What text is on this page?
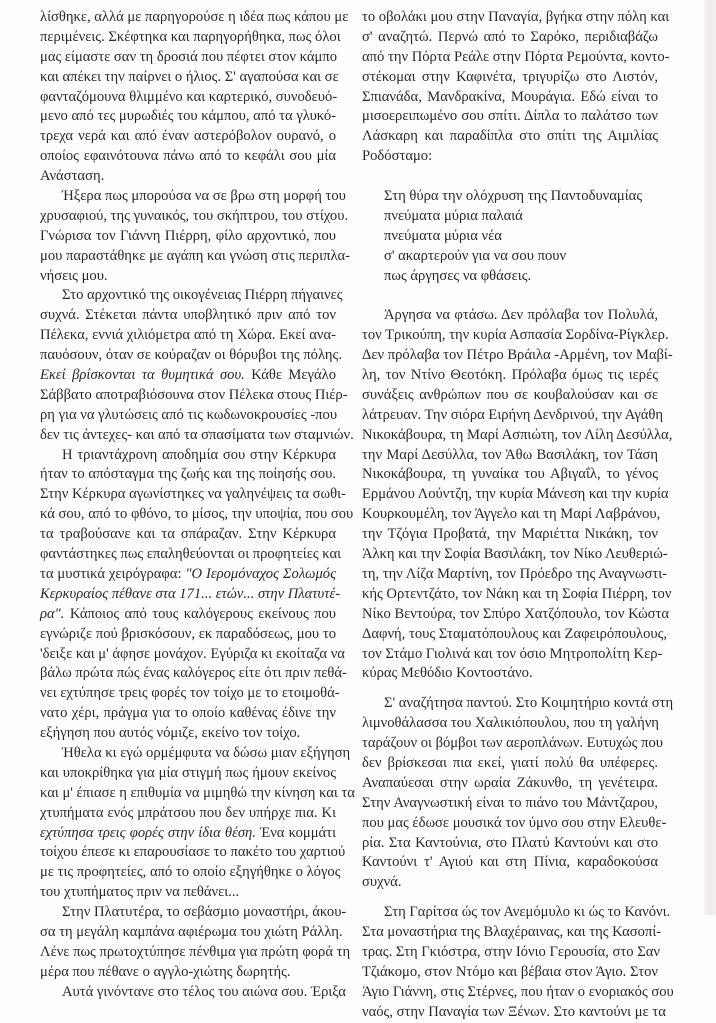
λίσθηκε, αλλά με παρηγορούσε η ιδέα πως κάπου με
περιμένεις. Σκέφτηκα και παρηγορήθηκα, πως όλοι
μας είμαστε σαν τη δροσιά που πέφτει στον κάμπο
και απέκει την παίρνει ο ήλιος. Σ' αγαπούσα και σε
φανταζόμουνα θλιμμένο και καρτερικό, συνοδευό-
μενο από τες μυρωδιές του κάμπου, από τα γλυκό-
τρεχα νερά και από έναν αστερόβολον ουρανό, ο
οποίος εφαινότουνα πάνω από το κεφάλι σου μία
Ανάσταση.
Ήξερα πως μπορούσα να σε βρω στη μορφή του
χρυσαφιού, της γυναικός, του σκήπτρου, του στίχου.
Γνώρισα τον Γιάννη Πιέρρη, φίλο αρχοντικό, που
μου παραστάθηκε με αγάπη και γνώση στις περιπλα-
νήσεις μου.
Στο αρχοντικό της οικογένειας Πιέρρη πήγαινες
συχνά. Στέκεται πάντα υποβλητικό πριν από τον
Πέλεκα, εννιά χιλιόμετρα από τη Χώρα. Εκεί ανα-
παυόσουν, όταν σε κούραζαν οι θόρυβοι της πόλης.
Εκεί βρίσκονται τα θυμητικά σου. Κάθε Μεγάλο
Σάββατο αποτραβιόσουνα στον Πέλεκα στους Πιέρ-
ρη για να γλυτώσεις από τις κωδωνοκρουσίες -που
δεν τις άντεχες- και από τα σπασίματα των σταμνιών.
Η τριαντάχρονη αποδημία σου στην Κέρκυρα
ήταν το απόσταγμα της ζωής και της ποίησής σου.
Στην Κέρκυρα αγωνίστηκες να γαληνέψεις τα σωθι-
κά σου, από το φθόνο, το μίσος, την υποψία, που σου
τα τραβούσανε και τα σπάραζαν. Στην Κέρκυρα
φαντάστηκες πως επαληθεύονται οι προφητείες και
τα μυστικά χειρόγραφα: "Ο Ιερομόναχος Σολωμός
Κερκυραίος πέθανε στα 171... ετών... στην Πλατυτέ-
ρα". Κάποιος από τους καλόγερους εκείνους που
εγνώριζε πού βρισκόσουν, εκ παραδόσεως, μου το
'δειξε και μ' άφησε μονάχον. Εγύριζα κι εκοίταζα να
βάλω πρώτα πώς ένας καλόγερος είτε ότι πριν πεθά-
νει εχτύπησε τρεις φορές τον τοίχο με το ετοιμοθά-
νατο χέρι, πράγμα για το οποίο καθένας έδινε την
εξήγηση που αυτός νόμιζε, εκείνο τον τοίχο.
Ήθελα κι εγώ ορμέμφυτα να δώσω μιαν εξήγηση
και υποκρίθηκα για μία στιγμή πως ήμουν εκείνος
και μ' έπιασε η επιθυμία να μιμηθώ την κίνηση και τα
χτυπήματα ενός μπράτσου που δεν υπήρχε πια. Κι
εχτύπησα τρεις φορές στην ίδια θέση. Ένα κομμάτι
τοίχου έπεσε κι επαρουσίασε το πακέτο του χαρτιού
με τις προφητείες, από το οποίο εξηγήθηκε ο λόγος
του χτυπήματος πριν να πεθάνει...
Στην Πλατυτέρα, το σεβάσμιο μοναστήρι, άκου-
σα τη μεγάλη καμπάνα αφιέρωμα του χιώτη Ράλλη.
Λένε πως πρωτοχτύπησε πένθιμα για πρώτη φορά τη
μέρα που πέθανε ο αγγλο-χιώτης δωρητής.
Αυτά γινόντανε στο τέλος του αιώνα σου. Έριξα
το οβολάκι μου στην Παναγία, βγήκα στην πόλη και
σ' αναζητώ. Περνώ από το Σαρόκο, περιδιαβάζω
από την Πόρτα Ρεάλε στην Πόρτα Ρεμούντα, κοντο-
στέκομαι στην Καφινέτα, τριγυρίζω στο Λιστόν,
Σπιανάδα, Μανδρακίνα, Μουράγια. Εδώ είναι το
μισοερειπωμένο σου σπίτι. Δίπλα το παλάτσο των
Λάσκαρη και παραδίπλα στο σπίτι της Αιμιλίας
Ροδόσταμο:
Στη θύρα την ολόχρυση της Παντοδυναμίας
πνεύματα μύρια παλαιά
πνεύματα μύρια νέα
σ' ακαρτερούν για να σου πουν
πως άργησες να φθάσεις.
Άργησα να φτάσω. Δεν πρόλαβα τον Πολυλά,
τον Τρικούπη, την κυρία Ασπασία Σορδίνα-Ρίγκλερ.
Δεν πρόλαβα τον Πέτρο Βράιλα -Αρμένη, τον Μαβί-
λη, τον Ντίνο Θεοτόκη. Πρόλαβα όμως τις ιερές
συνάξεις ανθρώπων που σε κουβαλούσαν και σε
λάτρευαν. Την σιόρα Ειρήνη Δενδρινού, την Αγάθη
Νικοκάβουρα, τη Μαρί Ασπιώτη, τον Λίλη Δεσύλλα,
την Μαρί Δεσύλλα, τον Άθω Βασιλάκη, τον Τάση
Νικοκάβουρα, τη γυναίκα του Αβιγαΐλ, το γένος
Ερμάνου Λούντζη, την κυρία Μάνεση και την κυρία
Κουρκουμέλη, τον Άγγελο και τη Μαρί Λαβράνου,
την Τζόγια Προβατά, την Μαριέττα Νικάκη, τον
Άλκη και την Σοφία Βασιλάκη, τον Νίκο Λευθεριώ-
τη, την Λίζα Μαρτίνη, τον Πρόεδρο της Αναγνωστι-
κής Ορτεντζάτο, τον Νάκη και τη Σοφία Πιέρρη, τον
Νίκο Βεντούρα, τον Σπύρο Χατζόπουλο, τον Κώστα
Δαφνή, τους Σταματόπουλους και Ζαφειρόπουλους,
τον Στάμο Γιολινά και τον όσιο Μητροπολίτη Κερ-
κύρας Μεθόδιο Κοντοστάνο.
Σ' αναζήτησα παντού. Στο Κοιμητήριο κοντά στη
λιμνοθάλασσα του Χαλικιόπουλου, που τη γαλήνη
ταράζουν οι βόμβοι των αεροπλάνων. Ευτυχώς που
δεν βρίσκεσαι πια εκεί, γιατί πολύ θα υπέφερες.
Αναπαύεσαι στην ωραία Ζάκυνθο, τη γενέτειρα.
Στην Αναγνωστική είναι το πιάνο του Μάντζαρου,
που μας έδωσε μουσικά τον ύμνο σου στην Ελευθε-
ρία. Στα Καντούνια, στο Πλατύ Καντούνι και στο
Καντούνι τ' Αγιού και στη Πίνια, καραδοκούσα
συχνά.
Στη Γαρίτσα ώς τον Ανεμόμυλο κι ώς το Κανόνι.
Στα μοναστήρια της Βλαχέραινας, και της Κασοπί-
τρας. Στη Γκιόστρα, στην Ιόνιο Γερουσία, στο Σαν
Τζιάκομο, στον Ντόμο και βέβαια στον Άγιο. Στον
Άγιο Γιάννη, στις Στέρνες, που ήταν ο ενοριακός σου
ναός, στην Παναγία των Ξένων. Στο καντούνι με τα
